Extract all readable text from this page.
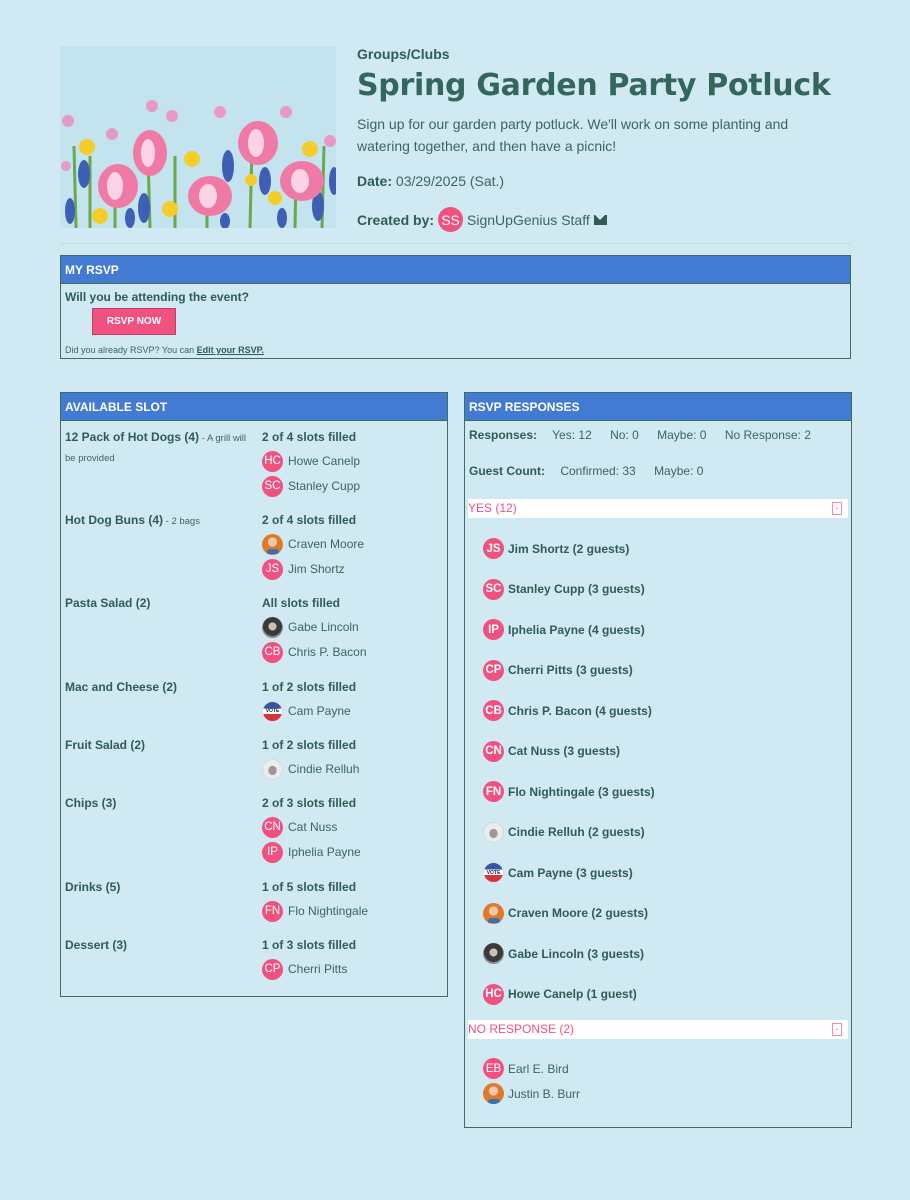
Groups/Clubs
Spring Garden Party Potluck

Sign up for our garden party potluck. We'll work on some planting and watering together, and then have a picnic!

Date: 03/29/2025 (Sat.)
Created by: SS SignUpGenius Staff
MY RSVP
Will you be attending the event?
RSVP NOW
Did you already RSVP? You can Edit your RSVP.
AVAILABLE SLOT
12 Pack of Hot Dogs (4) - A grill will be provided
2 of 4 slots filled
HC Howe Canelp
SC Stanley Cupp
Hot Dog Buns (4) - 2 bags	2 of 4 slots filled
Craven Moore
JS Jim Shortz
Pasta Salad (2)	All slots filled
Gabe Lincoln
CB Chris P. Bacon
Mac and Cheese (2)	1 of 2 slots filled
VOTE
Cam Payne
Fruit Salad (2)	1 of 2 slots filled
Cindie Relluh
Chips (3)	2 of 3 slots filled
CN Cat Nuss
IP Iphelia Payne
Drinks (5)	1 of 5 slots filled
FN Flo Nightingale
Dessert (3)	1 of 3 slots filled
CP Cherri Pitts
RSVP RESPONSES
Responses: Yes: 12 No: 0 Maybe: 0 No Response: 2
Guest Count: Confirmed: 33 Maybe: 0
YES (12)	-
JS Jim Shortz (2 guests)
SC Stanley Cupp (3 guests)
IP Iphelia Payne (4 guests)
CP Cherri Pitts (3 guests)
CB Chris P. Bacon (4 guests)
CN Cat Nuss (3 guests)
FN Flo Nightingale (3 guests)
Cindie Relluh (2 guests)
VOTE
Cam Payne (3 guests)
Craven Moore (2 guests)
Gabe Lincoln (3 guests)
HC Howe Canelp (1 guest)
NO RESPONSE (2)	-
EB Earl E. Bird
Justin B. Burr
